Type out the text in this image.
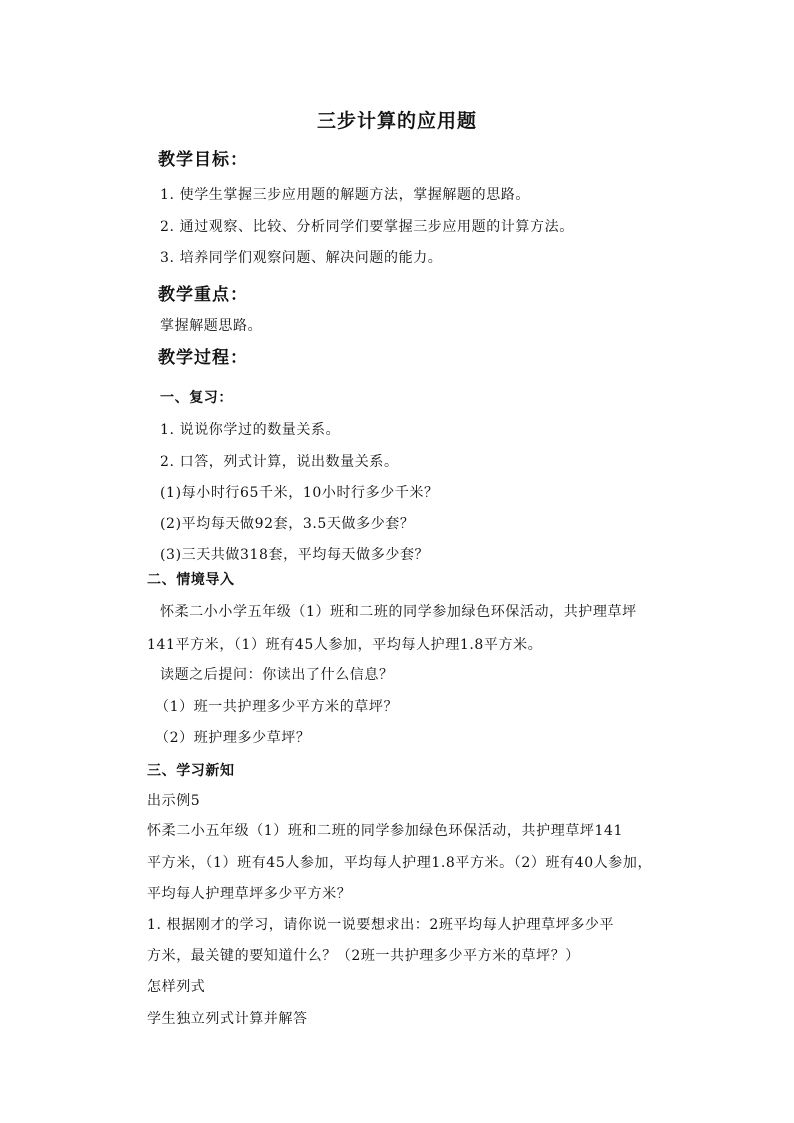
三步计算的应用题
教学目标：
1. 使学生掌握三步应用题的解题方法，掌握解题的思路。
2. 通过观察、比较、分析同学们要掌握三步应用题的计算方法。
3. 培养同学们观察问题、解决问题的能力。
教学重点：
掌握解题思路。
教学过程：
一、复习：
1. 说说你学过的数量关系。
2. 口答，列式计算，说出数量关系。
(1)每小时行65千米，10小时行多少千米？
(2)平均每天做92套，3.5天做多少套？
(3)三天共做318套，平均每天做多少套？
二、情境导入
怀柔二小小学五年级（1）班和二班的同学参加绿色环保活动，共护理草坪
141平方米，（1）班有45人参加，平均每人护理1.8平方米。
读题之后提问：你读出了什么信息？
（1）班一共护理多少平方米的草坪？
（2）班护理多少草坪？
三、学习新知
出示例5
怀柔二小五年级（1）班和二班的同学参加绿色环保活动，共护理草坪141
平方米，（1）班有45人参加，平均每人护理1.8平方米。（2）班有40人参加，
平均每人护理草坪多少平方米？
1. 根据刚才的学习，请你说一说要想求出：2班平均每人护理草坪多少平
方米，最关键的要知道什么？（2班一共护理多少平方米的草坪？）
怎样列式
学生独立列式计算并解答
